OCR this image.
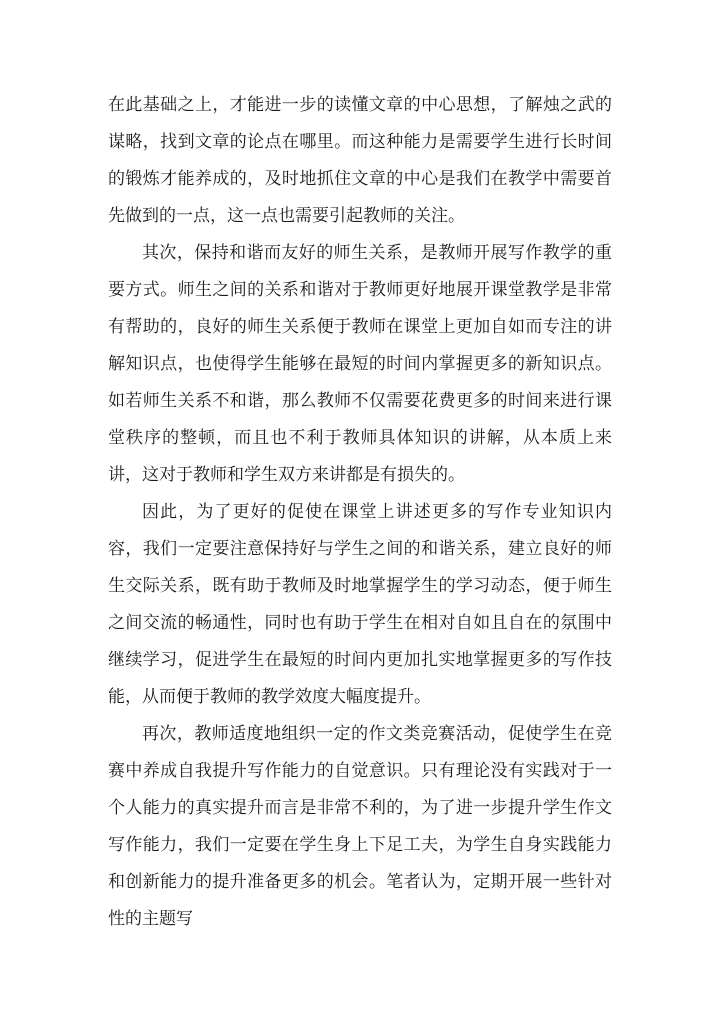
在此基础之上，才能进一步的读懂文章的中心思想，了解烛之武的谋略，找到文章的论点在哪里。而这种能力是需要学生进行长时间的锻炼才能养成的，及时地抓住文章的中心是我们在教学中需要首先做到的一点，这一点也需要引起教师的关注。

其次，保持和谐而友好的师生关系，是教师开展写作教学的重要方式。师生之间的关系和谐对于教师更好地展开课堂教学是非常有帮助的，良好的师生关系便于教师在课堂上更加自如而专注的讲解知识点，也使得学生能够在最短的时间内掌握更多的新知识点。如若师生关系不和谐，那么教师不仅需要花费更多的时间来进行课堂秩序的整顿，而且也不利于教师具体知识的讲解，从本质上来讲，这对于教师和学生双方来讲都是有损失的。

因此，为了更好的促使在课堂上讲述更多的写作专业知识内容，我们一定要注意保持好与学生之间的和谐关系，建立良好的师生交际关系，既有助于教师及时地掌握学生的学习动态，便于师生之间交流的畅通性，同时也有助于学生在相对自如且自在的氛围中继续学习，促进学生在最短的时间内更加扎实地掌握更多的写作技能，从而便于教师的教学效度大幅度提升。

再次，教师适度地组织一定的作文类竞赛活动，促使学生在竞赛中养成自我提升写作能力的自觉意识。只有理论没有实践对于一个人能力的真实提升而言是非常不利的，为了进一步提升学生作文写作能力，我们一定要在学生身上下足工夫，为学生自身实践能力和创新能力的提升准备更多的机会。笔者认为，定期开展一些针对性的主题写
